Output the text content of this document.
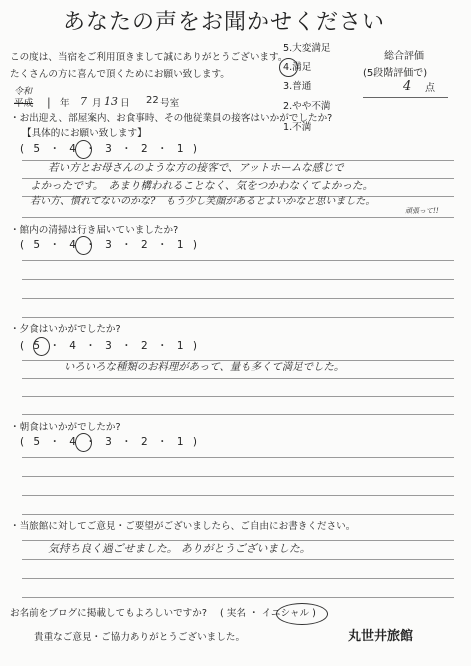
あなたの声をお聞かせください
この度は、当宿をご利用頂きまして誠にありがとうございます。
たくさんの方に喜んで頂くためにお願い致します。
5.大変満足
4.満足
3.普通
2.やや不満
1.不満
総合評価
(5段階評価で)
4 点
令和
平成 | 年 7 月 13 日 22 号室
・お出迎え、部屋案内、お食事時、その他従業員の接客はいかがでしたか?
【具体的にお願い致します】
( 5 ・ 4 ・ 3 ・ 2 ・ 1 )
若い方とお母さんのような方の接客で、アットホームな感じで
よかったです。　あまり構われることなく、気をつかわなくてよかった。
若い方、慣れてないのかな?　もう少し笑顔があるとよいかなと思いました。
頑張って!!
・館内の清掃は行き届いていましたか?
( 5 ・ 4 ・ 3 ・ 2 ・ 1 )
・夕食はいかがでしたか?
( 5 ・ 4 ・ 3 ・ 2 ・ 1 )
いろいろな種類のお料理があって、量も多くて満足でした。
・朝食はいかがでしたか?
( 5 ・ 4 ・ 3 ・ 2 ・ 1 )
・当旅館に対してご意見・ご要望がございましたら、ご自由にお書きください。
気持ち良く過ごせました。 ありがとうございました。
お名前をブログに掲載してもよろしいですか? ( 実名 ・ イニシャル )
貴重なご意見・ご協力ありがとうございました。	丸世井旅館
